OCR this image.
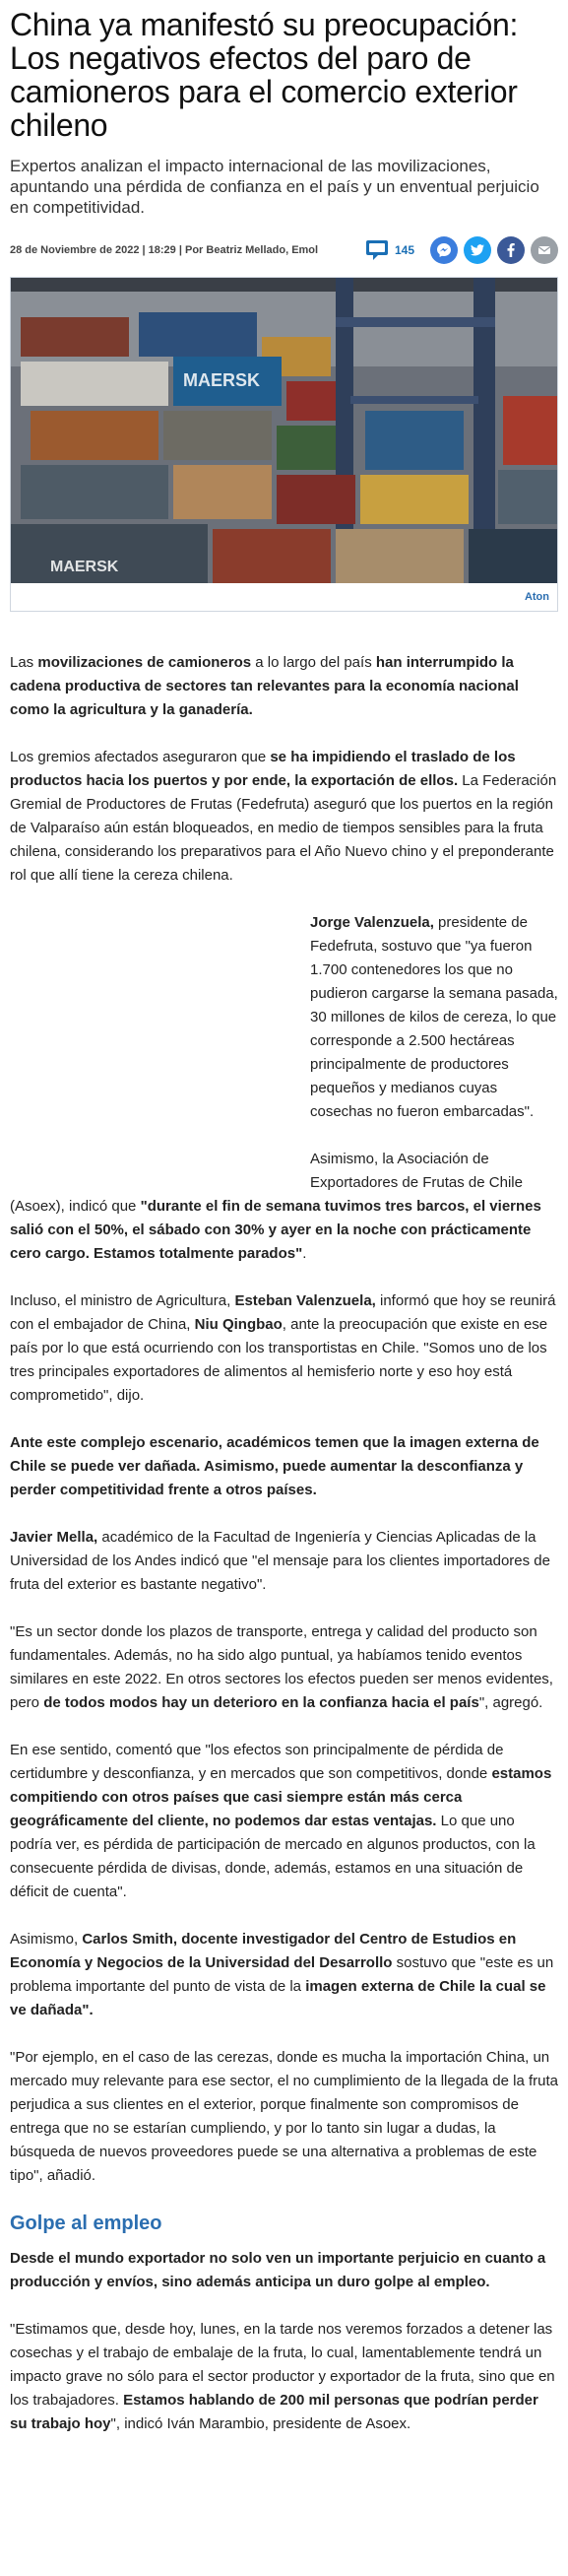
China ya manifestó su preocupación: Los negativos efectos del paro de camioneros para el comercio exterior chileno

Expertos analizan el impacto internacional de las movilizaciones, apuntando una pérdida de confianza en el país y un enventual perjuicio en competitividad.

28 de Noviembre de 2022 | 18:29 | Por Beatriz Mellado, Emol	145
MAERSK
MAERSK
Aton

Las movilizaciones de camioneros a lo largo del país han interrumpido la cadena productiva de sectores tan relevantes para la economía nacional como la agricultura y la ganadería.

Los gremios afectados aseguraron que se ha impidiendo el traslado de los productos hacia los puertos y por ende, la exportación de ellos. La Federación Gremial de Productores de Frutas (Fedefruta) aseguró que los puertos en la región de Valparaíso aún están bloqueados, en medio de tiempos sensibles para la fruta chilena, considerando los preparativos para el Año Nuevo chino y el preponderante rol que allí tiene la cereza chilena.

Jorge Valenzuela, presidente de Fedefruta, sostuvo que "ya fueron 1.700 contenedores los que no pudieron cargarse la semana pasada, 30 millones de kilos de cereza, lo que corresponde a 2.500 hectáreas principalmente de productores pequeños y medianos cuyas cosechas no fueron embarcadas".

Asimismo, la Asociación de Exportadores de Frutas de Chile

(Asoex), indicó que "durante el fin de semana tuvimos tres barcos, el viernes salió con el 50%, el sábado con 30% y ayer en la noche con prácticamente cero cargo. Estamos totalmente parados".

Incluso, el ministro de Agricultura, Esteban Valenzuela, informó que hoy se reunirá con el embajador de China, Niu Qingbao, ante la preocupación que existe en ese país por lo que está ocurriendo con los transportistas en Chile. "Somos uno de los tres principales exportadores de alimentos al hemisferio norte y eso hoy está comprometido", dijo.

Ante este complejo escenario, académicos temen que la imagen externa de Chile se puede ver dañada. Asimismo, puede aumentar la desconfianza y perder competitividad frente a otros países.

Javier Mella, académico de la Facultad de Ingeniería y Ciencias Aplicadas de la Universidad de los Andes indicó que "el mensaje para los clientes importadores de fruta del exterior es bastante negativo".

"Es un sector donde los plazos de transporte, entrega y calidad del producto son fundamentales. Además, no ha sido algo puntual, ya habíamos tenido eventos similares en este 2022. En otros sectores los efectos pueden ser menos evidentes, pero de todos modos hay un deterioro en la confianza hacia el país", agregó.

En ese sentido, comentó que "los efectos son principalmente de pérdida de certidumbre y desconfianza, y en mercados que son competitivos, donde estamos compitiendo con otros países que casi siempre están más cerca geográficamente del cliente, no podemos dar estas ventajas. Lo que uno podría ver, es pérdida de participación de mercado en algunos productos, con la consecuente pérdida de divisas, donde, además, estamos en una situación de déficit de cuenta".

Asimismo, Carlos Smith, docente investigador del Centro de Estudios en Economía y Negocios de la Universidad del Desarrollo sostuvo que "este es un problema importante del punto de vista de la imagen externa de Chile la cual se ve dañada".

"Por ejemplo, en el caso de las cerezas, donde es mucha la importación China, un mercado muy relevante para ese sector, el no cumplimiento de la llegada de la fruta perjudica a sus clientes en el exterior, porque finalmente son compromisos de entrega que no se estarían cumpliendo, y por lo tanto sin lugar a dudas, la búsqueda de nuevos proveedores puede se una alternativa a problemas de este tipo", añadió.

Golpe al empleo

Desde el mundo exportador no solo ven un importante perjuicio en cuanto a producción y envíos, sino además anticipa un duro golpe al empleo.

"Estimamos que, desde hoy, lunes, en la tarde nos veremos forzados a detener las cosechas y el trabajo de embalaje de la fruta, lo cual, lamentablemente tendrá un impacto grave no sólo para el sector productor y exportador de la fruta, sino que en los trabajadores. Estamos hablando de 200 mil personas que podrían perder su trabajo hoy", indicó Iván Marambio, presidente de Asoex.
